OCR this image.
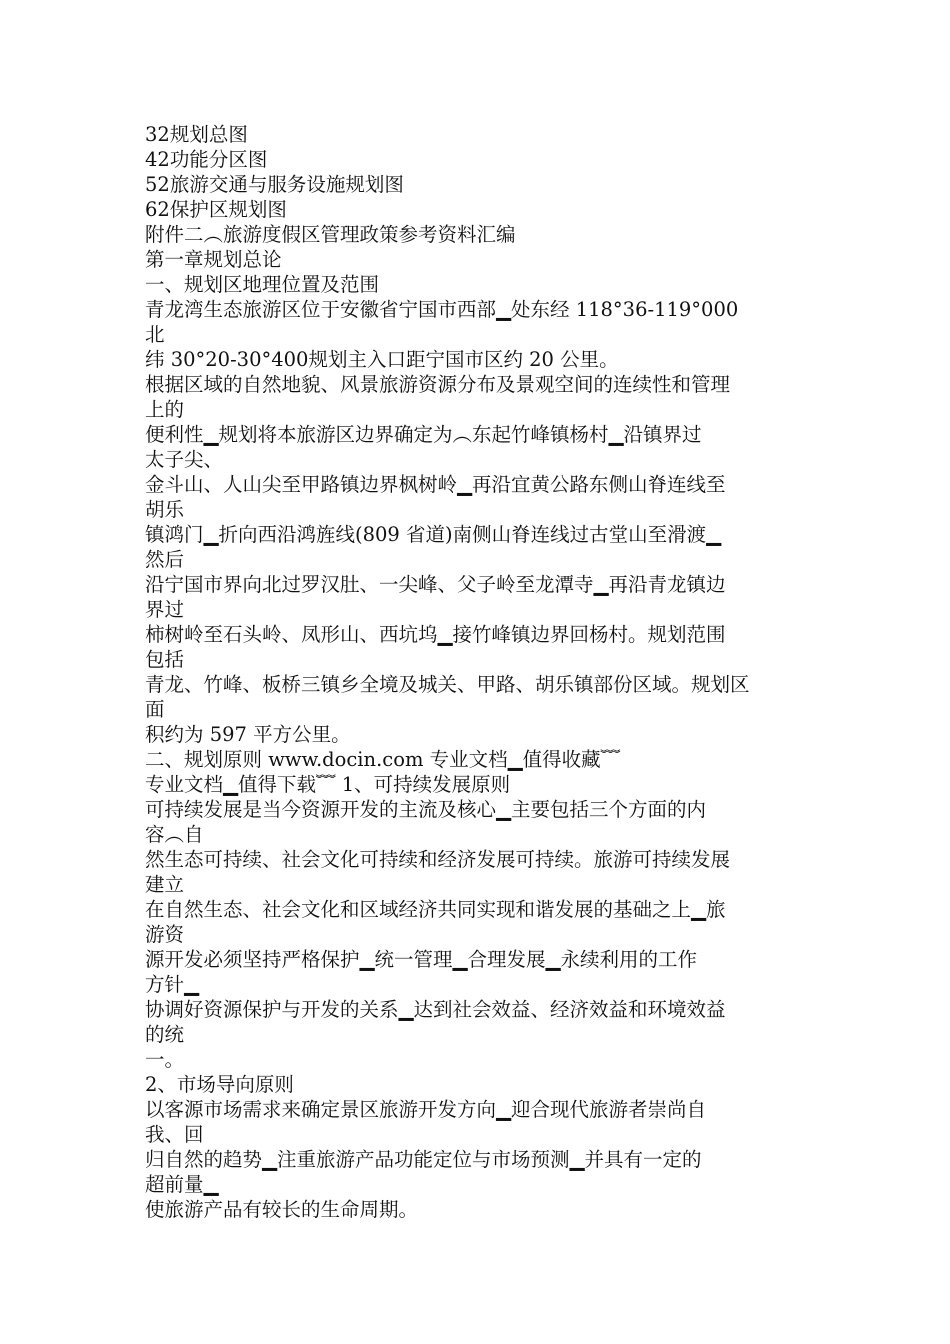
32规划总图
42功能分区图
52旅游交通与服务设施规划图
62保护区规划图
附件二︵旅游度假区管理政策参考资料汇编
第一章规划总论
一、规划区地理位置及范围
青龙湾生态旅游区位于安徽省宁国市西部▁处东经 118°36-119°000
北
纬 30°20-30°400规划主入口距宁国市区约 20 公里。
根据区域的自然地貌、风景旅游资源分布及景观空间的连续性和管理
上的
便利性▁规划将本旅游区边界确定为︵东起竹峰镇杨村▁沿镇界过
太子尖、
金斗山、人山尖至甲路镇边界枫树岭▁再沿宜黄公路东侧山脊连线至
胡乐
镇鸿门▁折向西沿鸿旌线(809 省道)南侧山脊连线过古堂山至滑渡▁
然后
沿宁国市界向北过罗汉肚、一尖峰、父子岭至龙潭寺▁再沿青龙镇边
界过
柿树岭至石头岭、凤形山、西坑坞▁接竹峰镇边界回杨村。规划范围
包括
青龙、竹峰、板桥三镇乡全境及城关、甲路、胡乐镇部份区域。规划区
面
积约为 597 平方公里。
二、规划原则 www.docin.com 专业文档▁值得收藏﹌
专业文档▁值得下载﹌ 1、可持续发展原则
可持续发展是当今资源开发的主流及核心▁主要包括三个方面的内
容︵自
然生态可持续、社会文化可持续和经济发展可持续。旅游可持续发展
建立
在自然生态、社会文化和区域经济共同实现和谐发展的基础之上▁旅
游资
源开发必须坚持严格保护▁统一管理▁合理发展▁永续利用的工作
方针▁
协调好资源保护与开发的关系▁达到社会效益、经济效益和环境效益
的统
一。
2、市场导向原则
以客源市场需求来确定景区旅游开发方向▁迎合现代旅游者崇尚自
我、回
归自然的趋势▁注重旅游产品功能定位与市场预测▁并具有一定的
超前量▁
使旅游产品有较长的生命周期。
